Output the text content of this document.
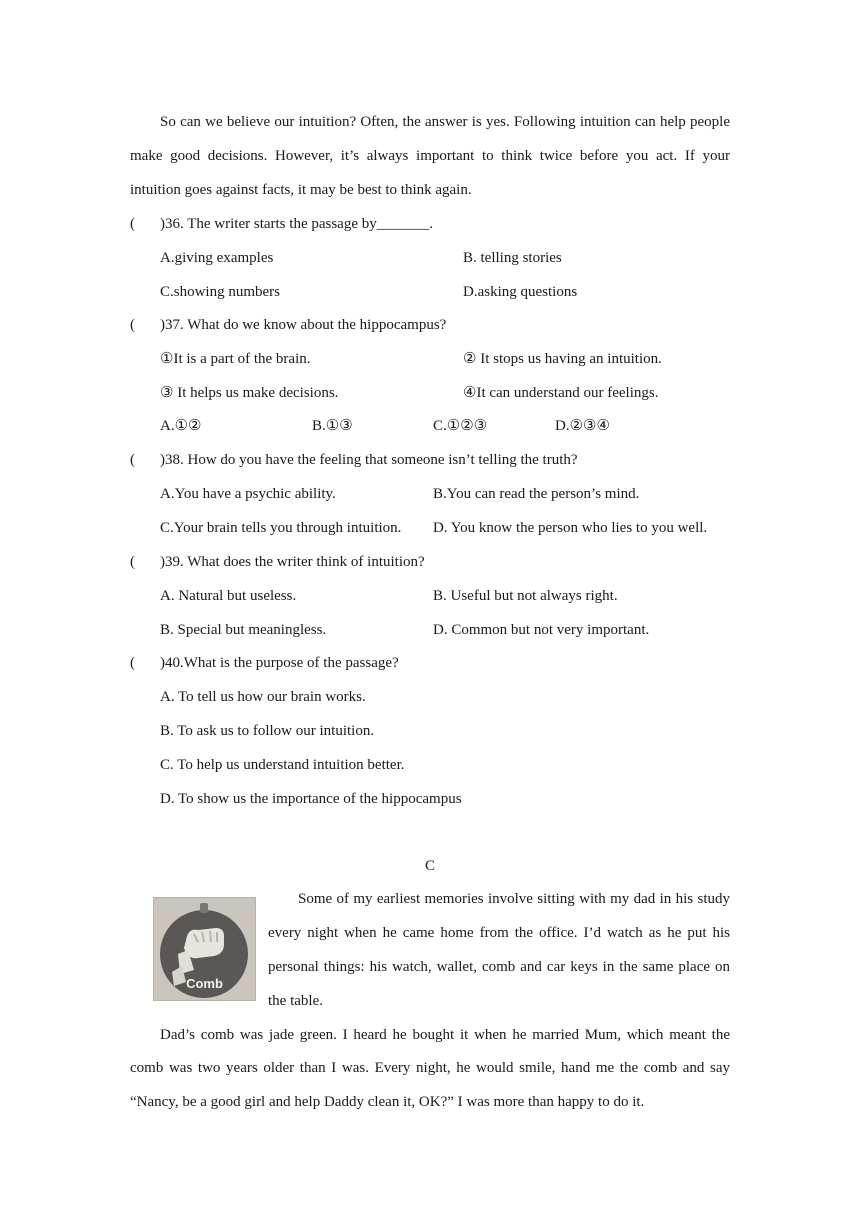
So can we believe our intuition? Often, the answer is yes. Following intuition can help people
make good decisions. However, it’s always important to think twice before you act. If your
intuition goes against facts, it may be best to think again.
( )36. The writer starts the passage by_______.
A.giving examples	B. telling stories
C.showing numbers	D.asking questions
( )37. What do we know about the hippocampus?
①It is a part of the brain.	② It stops us having an intuition.
③ It helps us make decisions.	④It can understand our feelings.
A.①②	B.①③	C.①②③	D.②③④
( )38. How do you have the feeling that someone isn’t telling the truth?
A.You have a psychic ability.	B.You can read the person’s mind.
C.Your brain tells you through intuition. D. You know the person who lies to you well.
( )39. What does the writer think of intuition?
A. Natural but useless.	B. Useful but not always right.
B. Special but meaningless.	D. Common but not very important.
( )40.What is the purpose of the passage?
A. To tell us how our brain works.
B. To ask us to follow our intuition.
C. To help us understand intuition better.
D. To show us the importance of the hippocampus
C
Comb
Some of my earliest memories involve sitting with my dad in his study
every night when he came home from the office. I’d watch as he put his
personal things: his watch, wallet, comb and car keys in the same place on
the table.
Dad’s comb was jade green. I heard he bought it when he married Mum, which meant the
comb was two years older than I was. Every night, he would smile, hand me the comb and say
“Nancy, be a good girl and help Daddy clean it, OK?” I was more than happy to do it.
